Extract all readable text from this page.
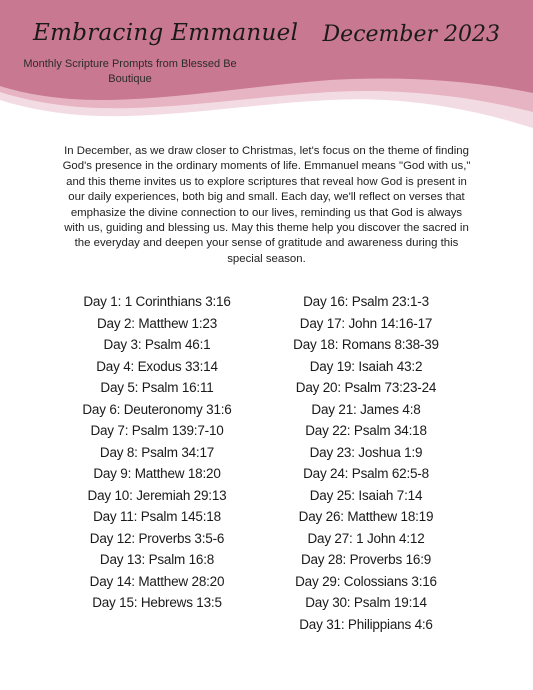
Embracing Emmanuel
Monthly Scripture Prompts from Blessed Be Boutique
December 2023

In December, as we draw closer to Christmas, let's focus on the theme of finding God's presence in the ordinary moments of life. Emmanuel means "God with us," and this theme invites us to explore scriptures that reveal how God is present in our daily experiences, both big and small. Each day, we'll reflect on verses that emphasize the divine connection to our lives, reminding us that God is always with us, guiding and blessing us. May this theme help you discover the sacred in the everyday and deepen your sense of gratitude and awareness during this special season.

Day 1: 1 Corinthians 3:16
Day 2: Matthew 1:23
Day 3: Psalm 46:1
Day 4: Exodus 33:14
Day 5: Psalm 16:11
Day 6: Deuteronomy 31:6
Day 7: Psalm 139:7-10
Day 8: Psalm 34:17
Day 9: Matthew 18:20
Day 10: Jeremiah 29:13
Day 11: Psalm 145:18
Day 12: Proverbs 3:5-6
Day 13: Psalm 16:8
Day 14: Matthew 28:20
Day 15: Hebrews 13:5
Day 16: Psalm 23:1-3
Day 17: John 14:16-17
Day 18: Romans 8:38-39
Day 19: Isaiah 43:2
Day 20: Psalm 73:23-24
Day 21: James 4:8
Day 22: Psalm 34:18
Day 23: Joshua 1:9
Day 24: Psalm 62:5-8
Day 25: Isaiah 7:14
Day 26: Matthew 18:19
Day 27: 1 John 4:12
Day 28: Proverbs 16:9
Day 29: Colossians 3:16
Day 30: Psalm 19:14
Day 31: Philippians 4:6
